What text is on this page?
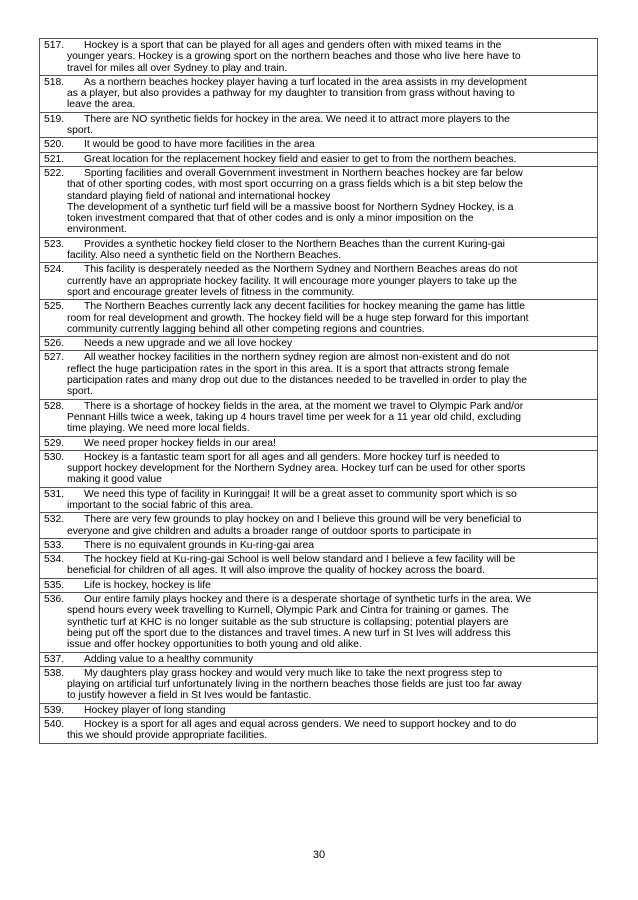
517. Hockey is a sport that can be played for all ages and genders often with mixed teams in the
younger years. Hockey is a growing sport on the northern beaches and those who live here have to
travel for miles all over Sydney to play and train.
518. As a northern beaches hockey player having a turf located in the area assists in my development
as a player, but also provides a pathway for my daughter to transition from grass without having to
leave the area.
519. There are NO synthetic fields for hockey in the area. We need it to attract more players to the
sport.
520. It would be good to have more facilities in the area
521. Great location for the replacement hockey field and easier to get to from the northern beaches.
522. Sporting facilities and overall Government investment in Northern beaches hockey are far below
that of other sporting codes, with most sport occurring on a grass fields which is a bit step below the
standard playing field of national and international hockey
The development of a synthetic turf field will be a massive boost for Northern Sydney Hockey, is a
token investment compared that that of other codes and is only a minor imposition on the
environment.
523. Provides a synthetic hockey field closer to the Northern Beaches than the current Kuring-gai
facility. Also need a synthetic field on the Northern Beaches.
524. This facility is desperately needed as the Northern Sydney and Northern Beaches areas do not
currently have an appropriate hockey facility. It will encourage more younger players to take up the
sport and encourage greater levels of fitness in the community.
525. The Northern Beaches currently lack any decent facilities for hockey meaning the game has little
room for real development and growth. The hockey field will be a huge step forward for this important
community currently lagging behind all other competing regions and countries.
526. Needs a new upgrade and we all love hockey
527. All weather hockey facilities in the northern sydney region are almost non-existent and do not
reflect the huge participation rates in the sport in this area. It is a sport that attracts strong female
participation rates and many drop out due to the distances needed to be travelled in order to play the
sport.
528. There is a shortage of hockey fields in the area, at the moment we travel to Olympic Park and/or
Pennant Hills twice a week, taking up 4 hours travel time per week for a 11 year old child, excluding
time playing. We need more local fields.
529. We need proper hockey fields in our area!
530. Hockey is a fantastic team sport for all ages and all genders. More hockey turf is needed to
support hockey development for the Northern Sydney area. Hockey turf can be used for other sports
making it good value
531. We need this type of facility in Kuringgai! It will be a great asset to community sport which is so
important to the social fabric of this area.
532. There are very few grounds to play hockey on and I believe this ground will be very beneficial to
everyone and give children and adults a broader range of outdoor sports to participate in
533. There is no equivalent grounds in Ku-ring-gai area
534. The hockey field at Ku-ring-gai School is well below standard and I believe a few facility will be
beneficial for children of all ages. It will also improve the quality of hockey across the board.
535. Life is hockey, hockey is life
536. Our entire family plays hockey and there is a desperate shortage of synthetic turfs in the area. We
spend hours every week travelling to Kurnell, Olympic Park and Cintra for training or games. The
synthetic turf at KHC is no longer suitable as the sub structure is collapsing; potential players are
being put off the sport due to the distances and travel times. A new turf in St Ives will address this
issue and offer hockey opportunities to both young and old alike.
537. Adding value to a healthy community
538. My daughters play grass hockey and would very much like to take the next progress step to
playing on artificial turf unfortunately living in the northern beaches those fields are just too far away
to justify however a field in St Ives would be fantastic.
539. Hockey player of long standing
540. Hockey is a sport for all ages and equal across genders. We need to support hockey and to do
this we should provide appropriate facilities.
30
